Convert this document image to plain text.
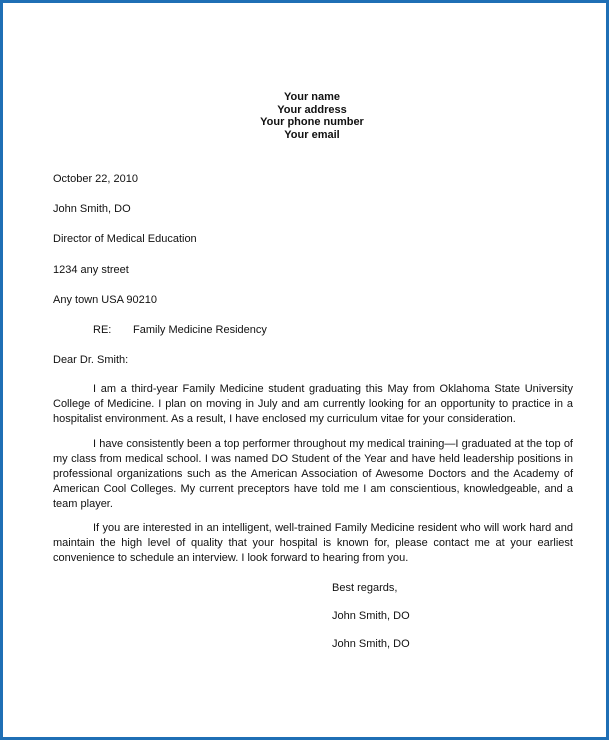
Your name
Your address
Your phone number
Your email
October 22, 2010
John Smith, DO
Director of Medical Education
1234 any street
Any town USA 90210
RE: Family Medicine Residency
Dear Dr. Smith:
I am a third-year Family Medicine student graduating this May from Oklahoma State University College of Medicine. I plan on moving in July and am currently looking for an opportunity to practice in a hospitalist environment. As a result, I have enclosed my curriculum vitae for your consideration.
I have consistently been a top performer throughout my medical training—I graduated at the top of my class from medical school. I was named DO Student of the Year and have held leadership positions in professional organizations such as the American Association of Awesome Doctors and the Academy of American Cool Colleges. My current preceptors have told me I am conscientious, knowledgeable, and a team player.
If you are interested in an intelligent, well-trained Family Medicine resident who will work hard and maintain the high level of quality that your hospital is known for, please contact me at your earliest convenience to schedule an interview. I look forward to hearing from you.
Best regards,
John Smith, DO
John Smith, DO
